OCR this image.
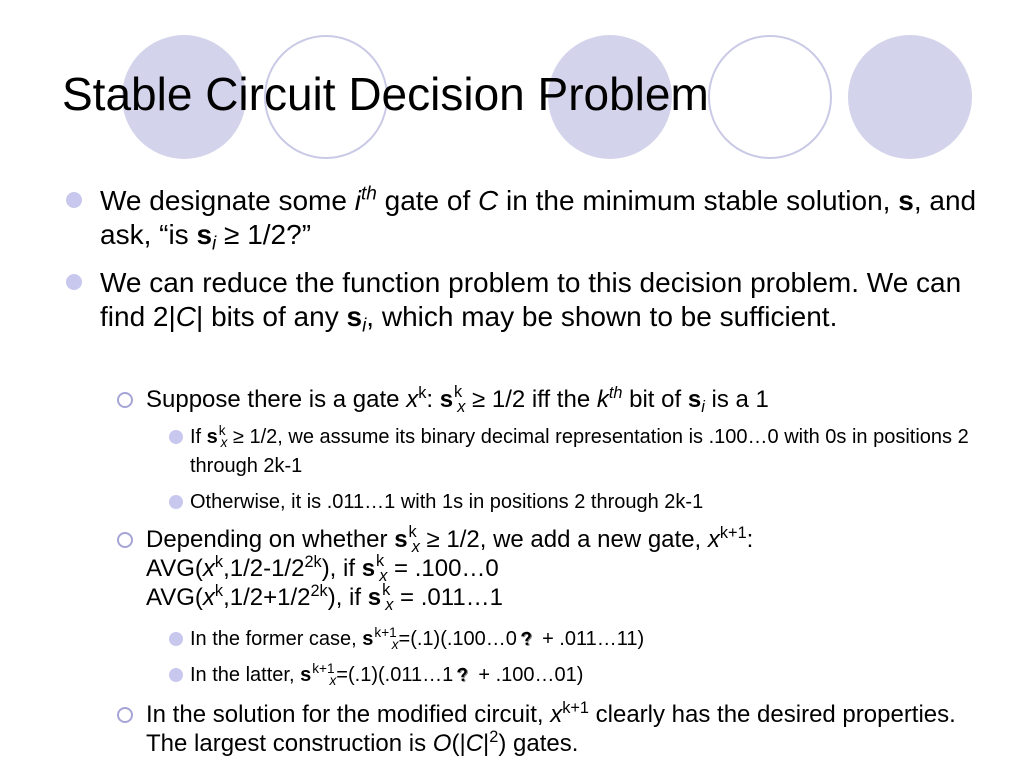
Stable Circuit Decision Problem
We designate some $i^{th}$ gate of C in the minimum stable solution, s, and ask, “is $s_i \ge 1/2$?”
We can reduce the function problem to this decision problem. We can find 2|C| bits of any $s_i$, which may be shown to be sufficient.
Suppose there is a gate $x^k$: $s^k_x \ge 1/2$ iff the $k^{th}$ bit of $s_i$ is a 1
If $s^k_x \ge 1/2$, we assume its binary decimal representation is .100…0 with 0s in positions 2 through 2k-1
Otherwise, it is .011…1 with 1s in positions 2 through 2k-1
Depending on whether $s^k_x \ge 1/2$, we add a new gate, $x^{k+1}$:
$AVG(x^k,1/2-1/2^{2k})$, if $s^k_x$ = .100…0
$AVG(x^k,1/2+1/2^{2k})$, if $s^k_x$ = .011…1
In the former case, $s^{k+1}_x=(.1)(.100\dots 0$ ? + .011…11)
In the latter, $s^{k+1}_x=(.1)(.011\dots 1$ ? + .100…01)
In the solution for the modified circuit, $x^{k+1}$ clearly has the desired properties. The largest construction is $O(|C|^2)$ gates.
